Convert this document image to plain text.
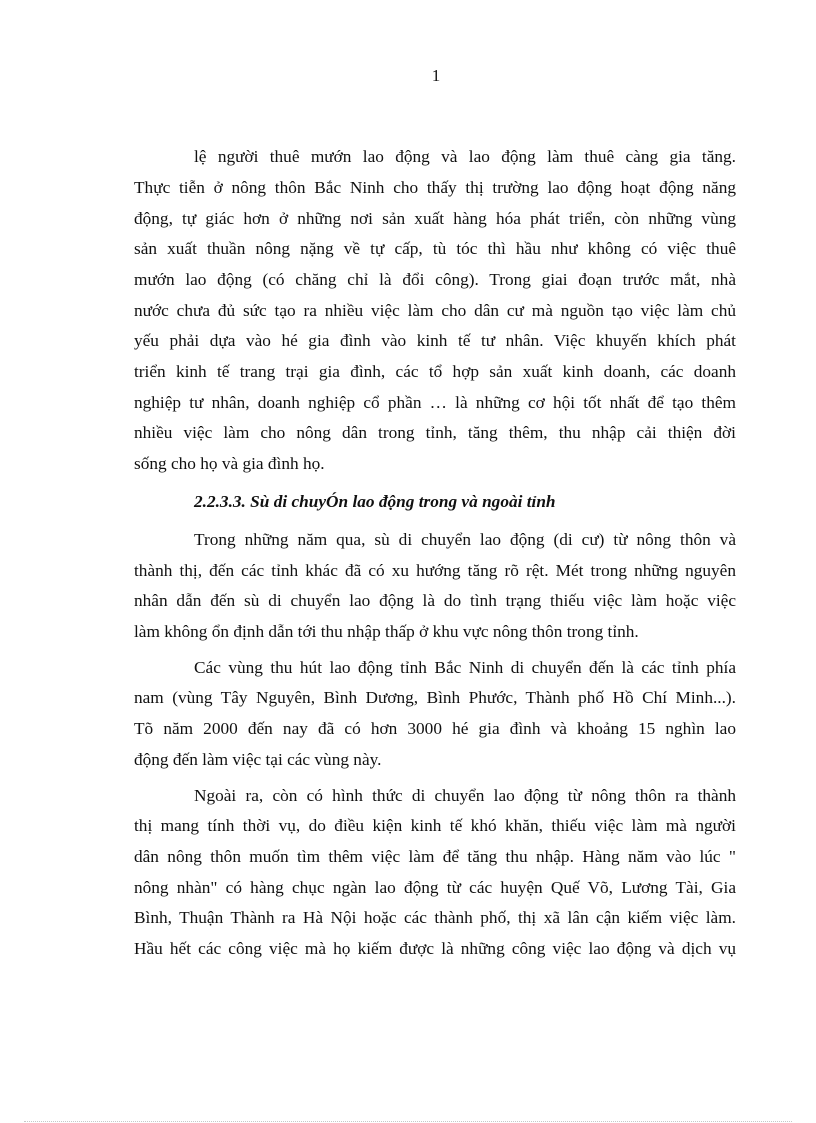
1
lệ người thuê mướn lao động và lao động làm thuê càng gia tăng.
Thực tiễn ở nông thôn Bắc Ninh cho thấy thị trường lao động hoạt động năng
động, tự giác hơn ở những nơi sản xuất hàng hóa phát triển, còn những vùng
sản xuất thuần nông nặng về tự cấp, tù tóc thì hầu như không có việc thuê
mướn lao động (có chăng chỉ là đổi công). Trong giai đoạn trước mắt, nhà
nước chưa đủ sức tạo ra nhiều việc làm cho dân cư mà nguồn tạo việc làm chủ
yếu phải dựa vào hé gia đình vào kinh tế tư nhân. Việc khuyến khích phát
triển kinh tế trang trại gia đình, các tổ hợp sản xuất kinh doanh, các doanh
nghiệp tư nhân, doanh nghiệp cổ phần … là những cơ hội tốt nhất để tạo thêm
nhiều việc làm cho nông dân trong tỉnh, tăng thêm, thu nhập cải thiện đời
sống cho họ và gia đình họ.
2.2.3.3. Sù di chuyÓn lao động trong và ngoài tỉnh
Trong những năm qua, sù di chuyển lao động (di cư) từ nông thôn và
thành thị, đến các tỉnh khác đã có xu hướng tăng rõ rệt. Mét trong những nguyên
nhân dẫn đến sù di chuyển lao động là do tình trạng thiếu việc làm hoặc việc
làm không ổn định dẫn tới thu nhập thấp ở khu vực nông thôn trong tỉnh.
Các vùng thu hút lao động tỉnh Bắc Ninh di chuyển đến là các tỉnh phía
nam (vùng Tây Nguyên, Bình Dương, Bình Phước, Thành phố Hồ Chí Minh...).
Tõ năm 2000 đến nay đã có hơn 3000 hé gia đình và khoảng 15 nghìn lao
động đến làm việc tại các vùng này.
Ngoài ra, còn có hình thức di chuyển lao động từ nông thôn ra thành
thị mang tính thời vụ, do điều kiện kinh tế khó khăn, thiếu việc làm mà người
dân nông thôn muốn tìm thêm việc làm để tăng thu nhập. Hàng năm vào lúc "
nông nhàn" có hàng chục ngàn lao động từ các huyện Quế Võ, Lương Tài, Gia
Bình, Thuận Thành ra Hà Nội hoặc các thành phố, thị xã lân cận kiếm việc làm.
Hầu hết các công việc mà họ kiếm được là những công việc lao động và dịch vụ
